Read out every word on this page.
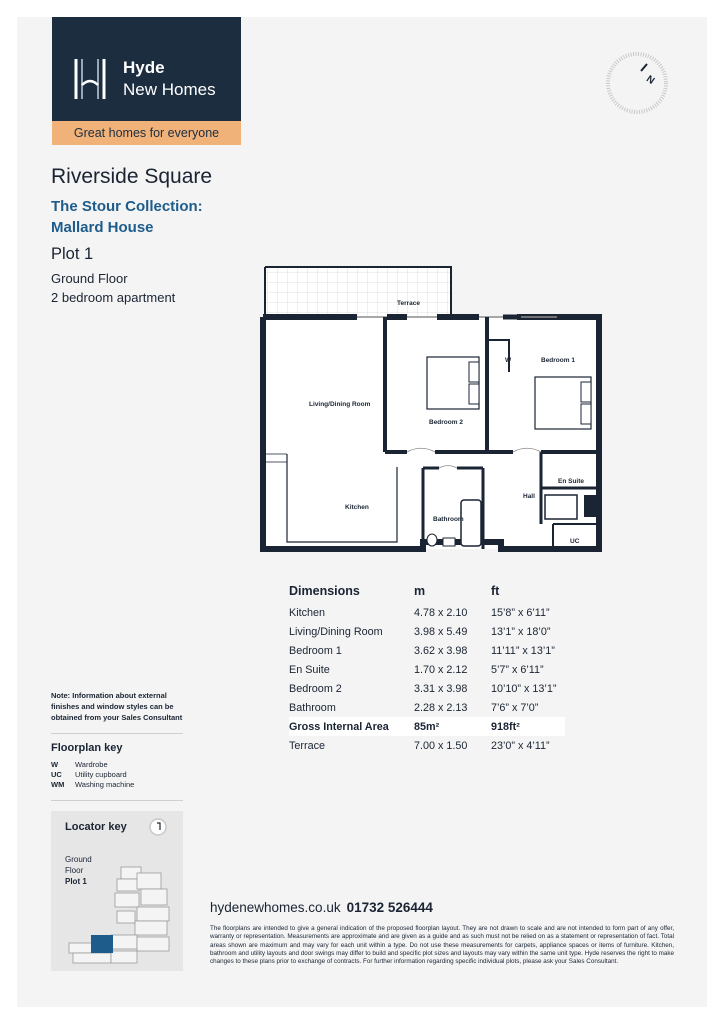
Hyde
New Homes
Great homes for everyone
N
Riverside Square
The Stour Collection:
Mallard House
Plot 1
Ground Floor
2 bedroom apartment	Terrace
Living/Dining Room
Kitchen
Bedroom 2
Bedroom 1
W
Hall
En Suite
Bathroom
UC
Dimensions	m	ft
Kitchen	4.78 x 2.10	15’8” x 6’11”
Living/Dining Room	3.98 x 5.49	13’1” x 18’0”
Bedroom 1	3.62 x 3.98	11’11” x 13’1”
En Suite	1.70 x 2.12	5’7” x 6’11”
Bedroom 2	3.31 x 3.98	10’10” x 13’1”
Bathroom	2.28 x 2.13	7’6” x 7’0”
Gross Internal Area	85m²	918ft²
Terrace	7.00 x 1.50	23’0” x 4’11”
Note: Information about external finishes and window styles can be obtained from your Sales Consultant
Floorplan key
W Wardrobe
UC Utility cupboard
WM Washing machine
Locator key
Ground
Floor
Plot 1
hydenewhomes.co.uk 01732 526444
The floorplans are intended to give a general indication of the proposed floorplan layout. They are not drawn to scale and are not intended to form part of any offer, warranty or representation. Measurements are approximate and are given as a guide and as such must not be relied on as a statement or representation of fact. Total areas shown are maximum and may vary for each unit within a type. Do not use these measurements for carpets, appliance spaces or items of furniture. Kitchen, bathroom and utility layouts and door swings may differ to build and specific plot sizes and layouts may vary within the same unit type. Hyde reserves the right to make changes to these plans prior to exchange of contracts. For further information regarding specific individual plots, please ask your Sales Consultant.
